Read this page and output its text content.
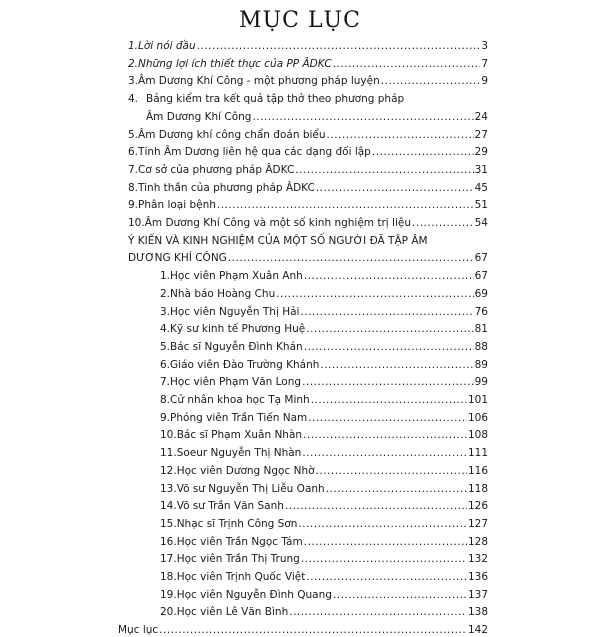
MỤC LỤC
1. Lời nói đầu .....	3
2. Những lợi ích thiết thực của PP ÂDKC .....	7
3. Âm Dương Khí Công - một phương pháp luyện .....	9
4. Bảng kiểm tra kết quả tập thở theo phương pháp
Âm Dương Khí Công .....	24
5. Âm Dương khí công chẩn đoán biểu .....	27
6. Tính Âm Dương liên hệ qua các dạng đối lập .....	29
7. Cơ sở của phương pháp ÂDKC .....	31
8. Tinh thần của phương pháp ÂDKC .....	45
9. Phân loại bệnh .....	51
10. Âm Dương Khí Công và một số kinh nghiệm trị liệu .....	54
Ý KIẾN VÀ KINH NGHIỆM CỦA MỘT SỐ NGƯỜI ĐÃ TẬP ÂM
DƯƠNG KHÍ CÔNG .....	67
1. Học viên Phạm Xuân Anh .....	67
2. Nhà báo Hoàng Chu .....	69
3. Học viên Nguyễn Thị Hải .....	76
4. Kỹ sư kinh tế Phương Huệ .....	81
5. Bác sĩ Nguyễn Đình Khán .....	88
6. Giáo viên Đào Trường Khánh .....	89
7. Học viên Phạm Văn Long .....	99
8. Cử nhân khoa học Tạ Minh .....	101
9. Phóng viên Trần Tiến Nam .....	106
10. Bác sĩ Phạm Xuân Nhàn .....	108
11. Soeur Nguyễn Thị Nhàn .....	111
12. Học viên Dương Ngọc Nhờ .....	116
13. Võ sư Nguyễn Thị Liễu Oanh .....	118
14. Võ sư Trần Văn Sanh .....	126
15. Nhạc sĩ Trịnh Công Sơn .....	127
16. Học viên Trần Ngọc Tám .....	128
17. Học viên Trần Thị Trung .....	132
18. Học viên Trịnh Quốc Việt .....	136
19. Học viên Nguyễn Đình Quang .....	137
20. Học viên Lê Văn Bình .....	138
Mục lục .....	142
